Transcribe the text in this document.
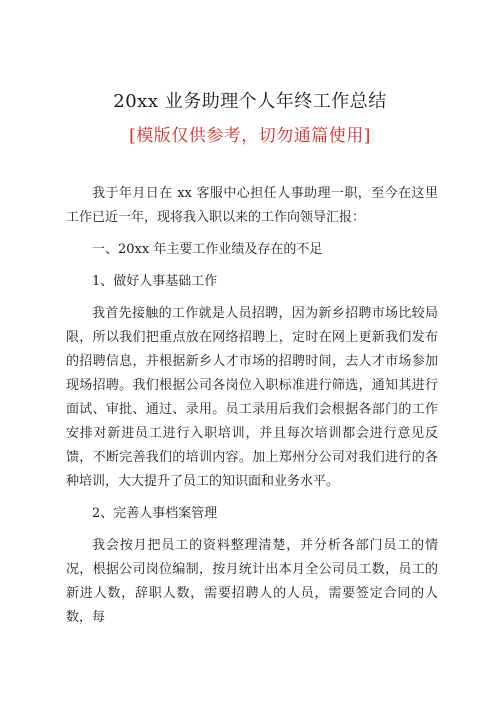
20xx 业务助理个人年终工作总结
[模版仅供参考，切勿通篇使用]

我于年月日在 xx 客服中心担任人事助理一职，至今在这里工作已近一年，现将我入职以来的工作向领导汇报：

一、20xx 年主要工作业绩及存在的不足

1、做好人事基础工作

我首先接触的工作就是人员招聘，因为新乡招聘市场比较局限，所以我们把重点放在网络招聘上，定时在网上更新我们发布的招聘信息，并根据新乡人才市场的招聘时间，去人才市场参加现场招聘。我们根据公司各岗位入职标准进行筛选，通知其进行面试、审批、通过、录用。员工录用后我们会根据各部门的工作安排对新进员工进行入职培训，并且每次培训都会进行意见反馈，不断完善我们的培训内容。加上郑州分公司对我们进行的各种培训，大大提升了员工的知识面和业务水平。

2、完善人事档案管理

我会按月把员工的资料整理清楚，并分析各部门员工的情况，根据公司岗位编制，按月统计出本月全公司员工数，员工的新进人数，辞职人数，需要招聘人的人员，需要签定合同的人数，每
